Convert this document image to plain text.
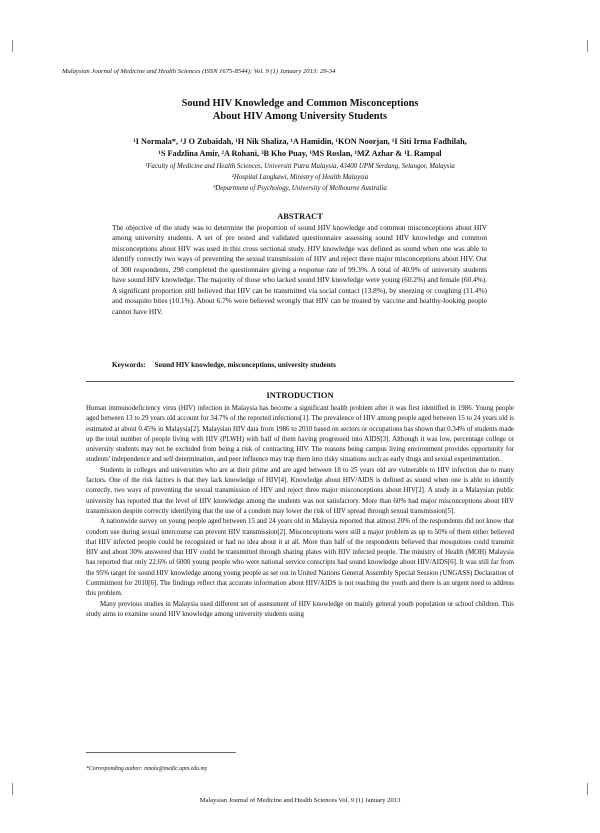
Malaysian Journal of Medicine and Health Sciences (ISSN 1675-8544); Vol. 9 (1) January 2013: 29-34
Sound HIV Knowledge and Common Misconceptions
About HIV Among University Students
¹I Normala*, ¹J O Zubaidah, ¹H Nik Shaliza, ¹A Hamidin, ¹KON Noorjan, ¹I Siti Irma Fadhilah,
¹S Fadzlina Amir, ²A Rohani, ³B Kho Puay, ¹MS Roslan, ¹MZ Azhar & ¹L Rampal
¹Faculty of Medicine and Health Sciences, Universiti Putra Malaysia, 43400 UPM Serdang, Selangor, Malaysia
²Hospital Langkawi, Ministry of Health Malaysia
³Department of Psychology, University of Melbourne Australia
ABSTRACT
The objective of the study was to determine the proportion of sound HIV knowledge and common misconceptions about HIV among university students. A set of pre tested and validated questionnaire assessing sound HIV knowledge and common misconceptions about HIV was used in this cross sectional study. HIV knowledge was defined as sound when one was able to identify correctly two ways of preventing the sexual transmission of HIV and reject three major misconceptions about HIV. Out of 300 respondents, 298 completed the questionnaire giving a response rate of 99.3%. A total of 40.9% of university students have sound HIV knowledge. The majority of those who lacked sound HIV knowledge were young (60.2%) and female (60.4%). A significant proportion still believed that HIV can be transmitted via social contact (13.8%), by sneezing or coughing (11.4%) and mosquito bites (10.1%). About 6.7% were believed wrongly that HIV can be treated by vaccine and healthy-looking people cannot have HIV.
Keywords: Sound HIV knowledge, misconceptions, university students
INTRODUCTION

Human immunodeficiency virus (HIV) infection in Malaysia has become a significant health problem after it was first identified in 1986. Young people aged between 13 to 29 years old account for 34.7% of the reported infections[1]. The prevalence of HIV among people aged between 15 to 24 years old is estimated at about 0.45% in Malaysia[2]. Malaysian HIV data from 1986 to 2010 based on sectors or occupations has shown that 0.34% of students made up the total number of people living with HIV (PLWH) with half of them having progressed into AIDS[3]. Although it was low, percentage college or university students may not be excluded from being a risk of contracting HIV. The reasons being campus living environment provides opportunity for students' independence and self determination, and peer influence may trap them into risky situations such as early drugs and sexual experimentation.

Students in colleges and universities who are at their prime and are aged between 18 to 25 years old are vulnerable to HIV infection due to many factors. One of the risk factors is that they lack knowledge of HIV[4]. Knowledge about HIV/AIDS is defined as sound when one is able to identify correctly, two ways of preventing the sexual transmission of HIV and reject three major misconceptions about HIV[2]. A study in a Malaysian public university has reported that the level of HIV knowledge among the students was not satisfactory. More than 60% had major misconceptions about HIV transmission despite correctly identifying that the use of a condom may lower the risk of HIV spread through sexual transmission[5].

A nationwide survey on young people aged between 15 and 24 years old in Malaysia reported that almost 20% of the respondents did not know that condom use during sexual intercourse can prevent HIV transmission[2]. Misconceptions were still a major problem as up to 50% of them either believed that HIV infected people could be recognized or had no idea about it at all. More than half of the respondents believed that mosquitoes could transmit HIV and about 30% answered that HIV could be transmitted through sharing plates with HIV infected people. The ministry of Health (MOH) Malaysia has reported that only 22.6% of 6000 young people who were national service conscripts had sound knowledge about HIV/AIDS[6]. It was still far from the 95% target for sound HIV knowledge among young people as set out in United Nations General Assembly Special Session (UNGASS) Declaration of Commitment for 2010[6]. The findings reflect that accurate information about HIV/AIDS is not reaching the youth and there is an urgent need to address this problem.

Many previous studies in Malaysia used different set of assessment of HIV knowledge on mainly general youth population or school children. This study aims to examine sound HIV knowledge among university students using

*Corresponding author: nmala@medic.upm.edu.my
Malaysian Journal of Medicine and Health Sciences Vol. 9 (1) January 2013
